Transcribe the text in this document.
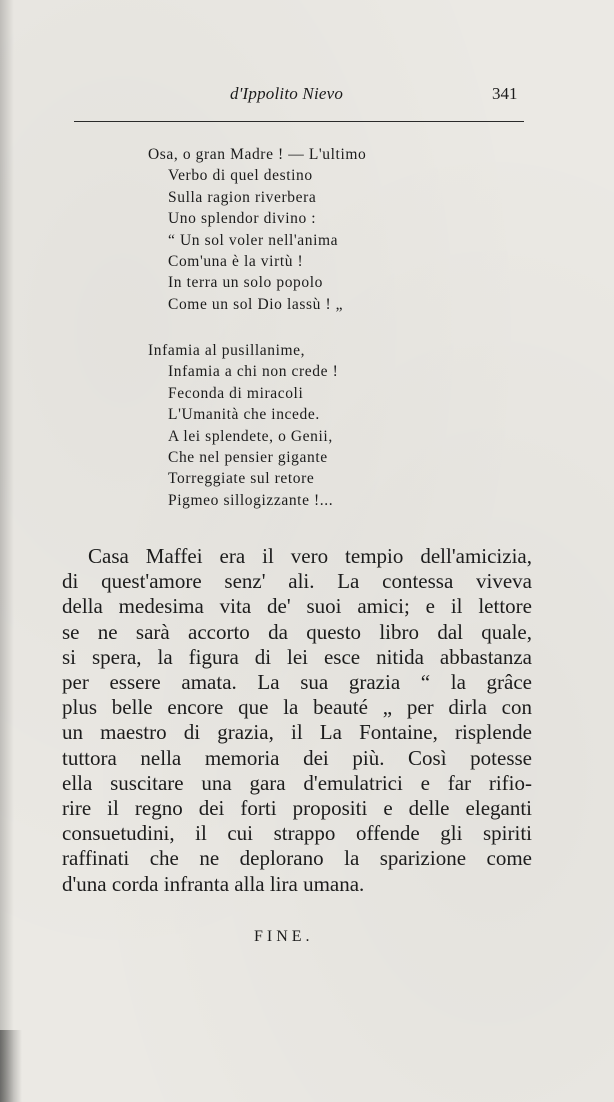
d'Ippolito Nievo	341
Osa, o gran Madre ! — L'ultimo
Verbo di quel destino
Sulla ragion riverbera
Uno splendor divino :
“ Un sol voler nell'anima
Com'una è la virtù !
In terra un solo popolo
Come un sol Dio lassù ! „
Infamia al pusillanime,
Infamia a chi non crede !
Feconda di miracoli
L'Umanità che incede.
A lei splendete, o Genii,
Che nel pensier gigante
Torreggiate sul retore
Pigmeo sillogizzante !...
Casa Maffei era il vero tempio dell'amicizia,
di quest'amore senz' ali. La contessa viveva
della medesima vita de' suoi amici; e il lettore
se ne sarà accorto da questo libro dal quale,
si spera, la figura di lei esce nitida abbastanza
per essere amata. La sua grazia “ la grâce
plus belle encore que la beauté „ per dirla con
un maestro di grazia, il La Fontaine, risplende
tuttora nella memoria dei più. Così potesse
ella suscitare una gara d'emulatrici e far rifio-
rire il regno dei forti propositi e delle eleganti
consuetudini, il cui strappo offende gli spiriti
raffinati che ne deplorano la sparizione come
d'una corda infranta alla lira umana.
FINE.
